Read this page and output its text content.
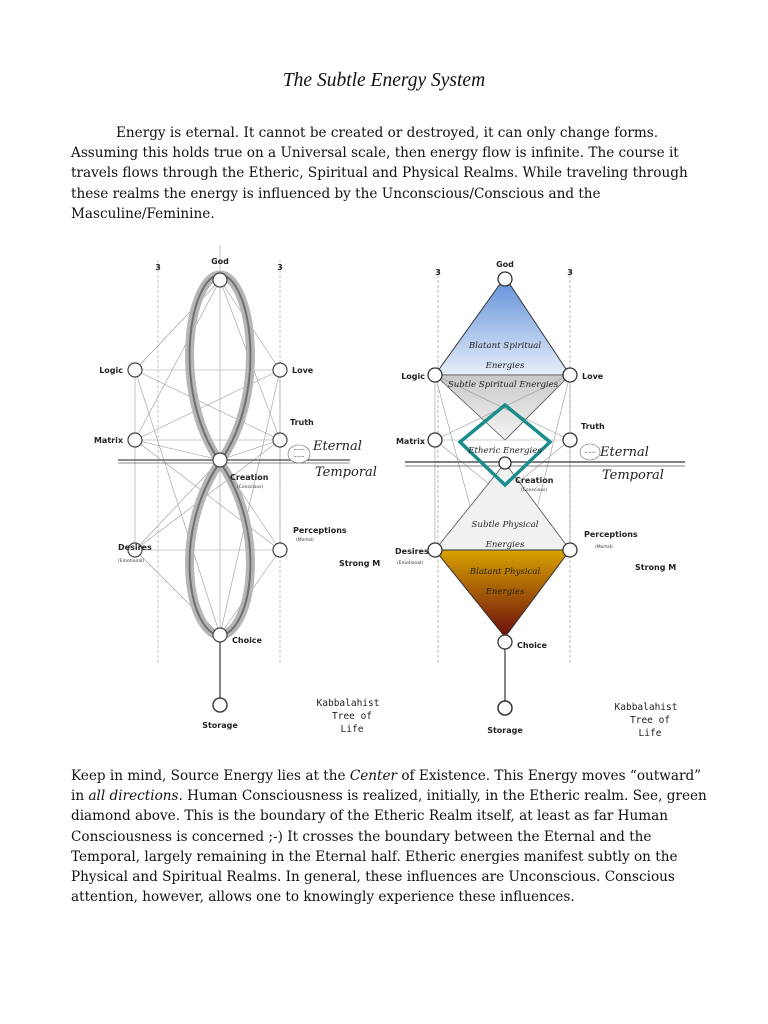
The Subtle Energy System

Energy is eternal. It cannot be created or destroyed, it can only change forms. Assuming this holds true on a Universal scale, then energy flow is infinite. The course it travels flows through the Etheric, Spiritual and Physical Realms. While traveling through these realms the energy is influenced by the Unconscious/Conscious and the Masculine/Feminine.

~~~
~~~
3	3
God
Logic	Love
Truth
Matrix	Eternal
Temporal
Creation
(Conscious)
Perceptions
(Mortal)
Desires
(Emotional)	Strong M
Choice
Storage
Kabbalahist
Tree of
Life
~~~
3	3
God
Logic	Love
Truth
Matrix
Eternal
Temporal
Creation
(Conscious)
Perceptions
(Mortal)
Desires
(Emotional)	Strong M
Choice
Storage
Blatant Spiritual
Energies
Subtle Spiritual Energies
Etheric Energies
Subtle Physical
Energies
Blatant Physical
Energies
Kabbalahist
Tree of
Life

Keep in mind, Source Energy lies at the Center of Existence. This Energy moves “outward” in all directions. Human Consciousness is realized, initially, in the Etheric realm. See, green diamond above. This is the boundary of the Etheric Realm itself, at least as far Human Consciousness is concerned ;-) It crosses the boundary between the Eternal and the Temporal, largely remaining in the Eternal half. Etheric energies manifest subtly on the Physical and Spiritual Realms. In general, these influences are Unconscious. Conscious attention, however, allows one to knowingly experience these influences.
